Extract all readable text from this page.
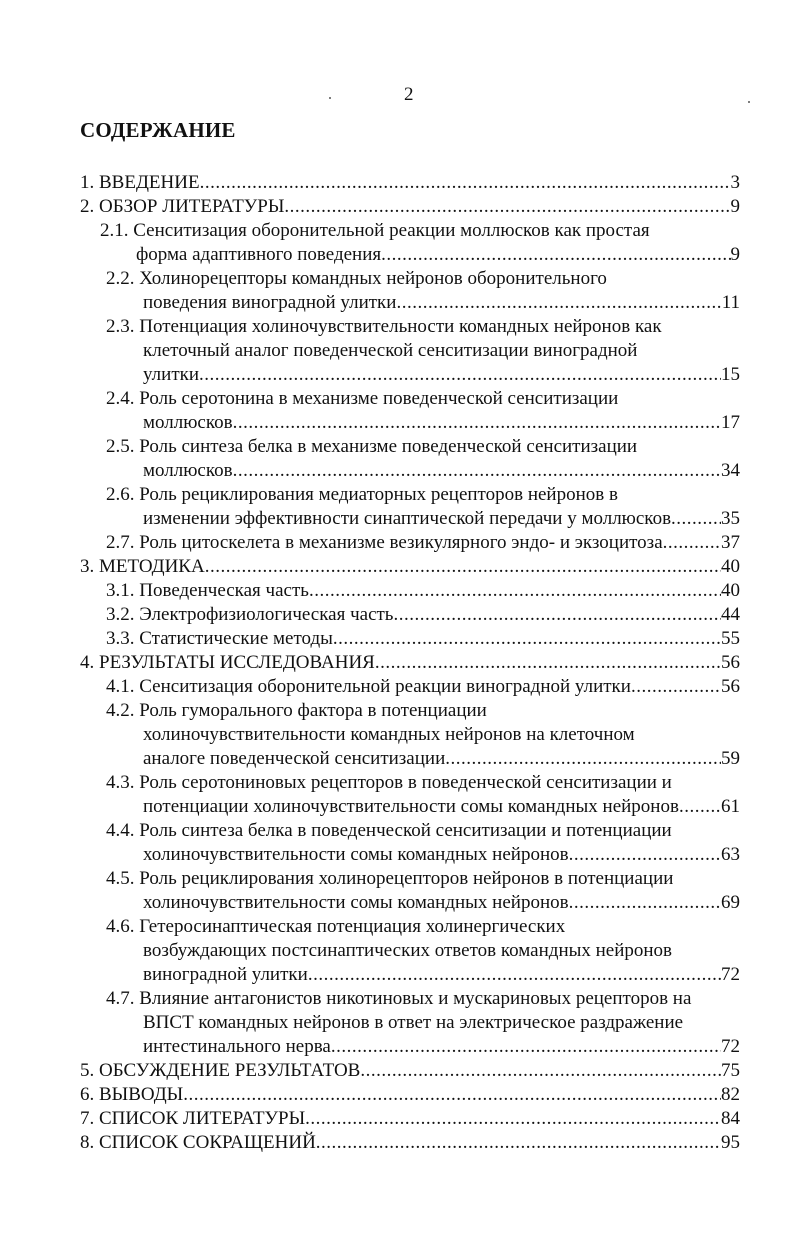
2
СОДЕРЖАНИЕ
1. ВВЕДЕНИЕ .....	3
2. ОБЗОР ЛИТЕРАТУРЫ .....	9
2.1. Сенситизация оборонительной реакции моллюсков как простая
форма адаптивного поведения .....	9
2.2. Холинорецепторы командных нейронов оборонительного
поведения виноградной улитки .....	11
2.3. Потенциация холиночувствительности командных нейронов как
клеточный аналог поведенческой сенситизации виноградной
улитки .....	15
2.4. Роль серотонина в механизме поведенческой сенситизации
моллюсков .....	17
2.5. Роль синтеза белка в механизме поведенческой сенситизации
моллюсков .....	34
2.6. Роль рециклирования медиаторных рецепторов нейронов в
изменении эффективности синаптической передачи у моллюсков .....	35
2.7. Роль цитоскелета в механизме везикулярного эндо- и экзоцитоза .....	37
3. МЕТОДИКА .....	40
3.1. Поведенческая часть .....	40
3.2. Электрофизиологическая часть .....	44
3.3. Статистические методы .....	55
4. РЕЗУЛЬТАТЫ ИССЛЕДОВАНИЯ .....	56
4.1. Сенситизация оборонительной реакции виноградной улитки .....	56
4.2. Роль гуморального фактора в потенциации
холиночувствительности командных нейронов на клеточном
аналоге поведенческой сенситизации .....	59
4.3. Роль серотониновых рецепторов в поведенческой сенситизации и
потенциации холиночувствительности сомы командных нейронов ..... 61
4.4. Роль синтеза белка в поведенческой сенситизации и потенциации
холиночувствительности сомы командных нейронов .....	63
4.5. Роль рециклирования холинорецепторов нейронов в потенциации
холиночувствительности сомы командных нейронов .....	69
4.6. Гетеросинаптическая потенциация холинергических
возбуждающих постсинаптических ответов командных нейронов
виноградной улитки .....	72
4.7. Влияние антагонистов никотиновых и мускариновых рецепторов на
ВПСТ командных нейронов в ответ на электрическое раздражение
интестинального нерва .....	72
5. ОБСУЖДЕНИЕ РЕЗУЛЬТАТОВ .....	75
6. ВЫВОДЫ .....	82
7. СПИСОК ЛИТЕРАТУРЫ .....	84
8. СПИСОК СОКРАЩЕНИЙ .....	95
